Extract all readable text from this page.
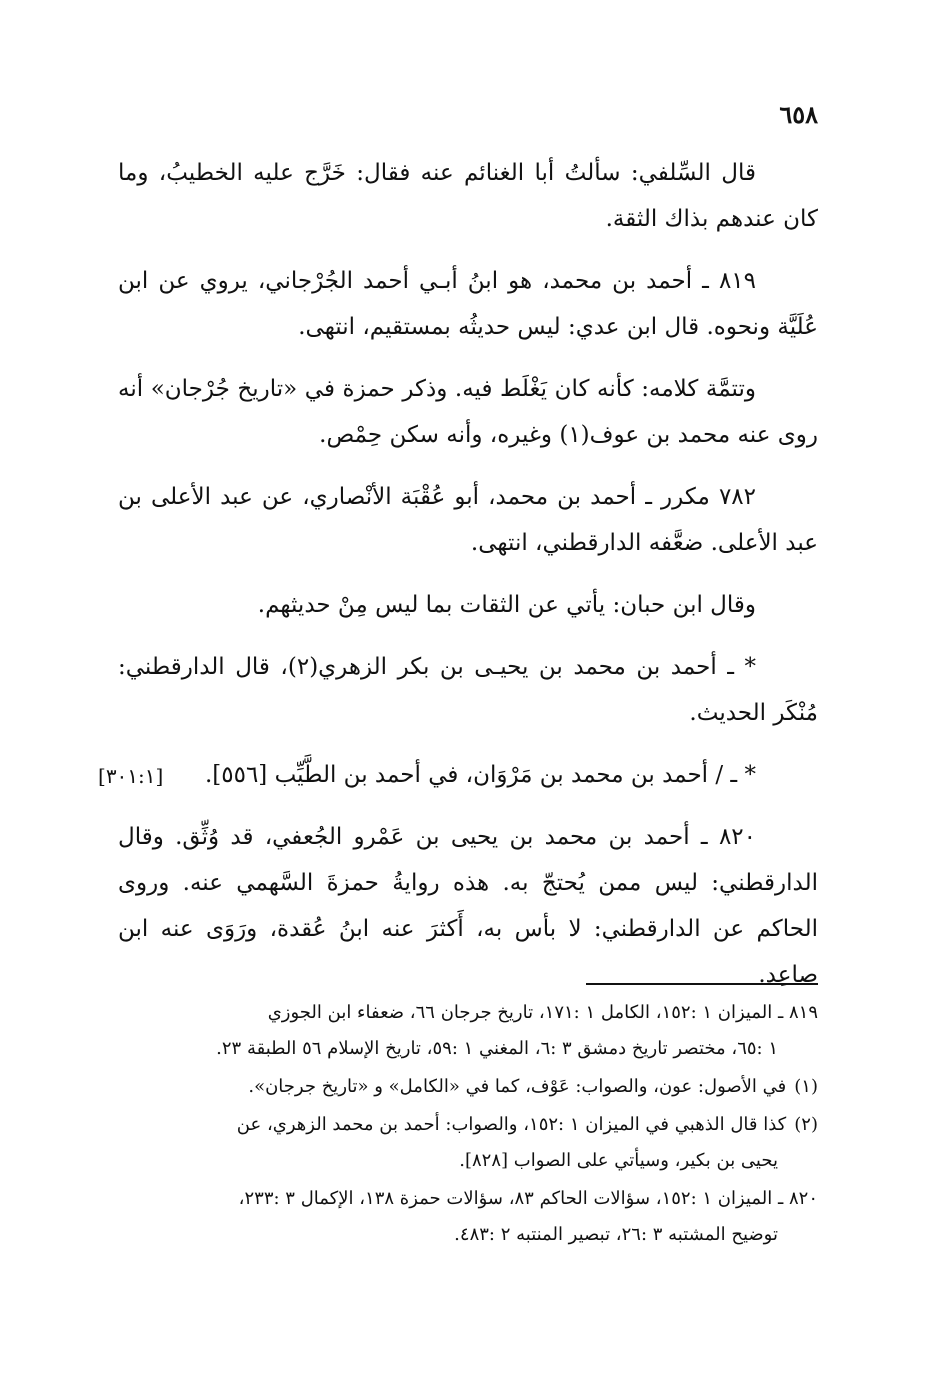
٦٥٨

قال السِّلفي: سألتُ أبا الغنائم عنه فقال: خَرَّج عليه الخطيبُ، وما كان عندهم بذاك الثقة.

٨١٩ ـ أحمد بن محمد، هو ابنُ أبـي أحمد الجُرْجاني، يروي عن ابن عُلَيَّة ونحوه. قال ابن عدي: ليس حديثُه بمستقيم، انتهى.

وتتمَّة كلامه: كأنه كان يَغْلَط فيه. وذكر حمزة في «تاريخ جُرْجان» أنه روى عنه محمد بن عوف(١) وغيره، وأنه سكن حِمْص.

٧٨٢ مكرر ـ أحمد بن محمد، أبو عُقْبَة الأنْصاري، عن عبد الأعلى بن عبد الأعلى. ضعَّفه الدارقطني، انتهى.

وقال ابن حبان: يأتي عن الثقات بما ليس مِنْ حديثهم.

* ـ أحمد بن محمد بن يحيـى بن بكر الزهري(٢)، قال الدارقطني: مُنْكَر الحديث.

* ـ / أحمد بن محمد بن مَرْوَان، في أحمد بن الطَّيِّب [٥٥٦].

٨٢٠ ـ أحمد بن محمد بن يحيى بن عَمْرو الجُعفي، قد وُثِّق. وقال الدارقطني: ليس ممن يُحتجّ به. هذه روايةُ حمزةَ السَّهمي عنه. وروى الحاكم عن الدارقطني: لا بأس به، أَكثرَ عنه ابنُ عُقدة، ورَوَى عنه ابن صاعِد.

[٣٠١:١]
٨١٩ ـ الميزان ١ :١٥٢، الكامل ١ :١٧١، تاريخ جرجان ٦٦، ضعفاء ابن الجوزي
١ :٦٥، مختصر تاريخ دمشق ٣ :٦، المغني ١ :٥٩، تاريخ الإسلام ٥٦ الطبقة ٢٣.
(١)في الأصول: عون، والصواب: عَوْف، كما في «الكامل» و «تاريخ جرجان».
(٢)كذا قال الذهبي في الميزان ١ :١٥٢، والصواب: أحمد بن محمد الزهري، عن
يحيى بن بكير، وسيأتي على الصواب [٨٢٨].
٨٢٠ ـ الميزان ١ :١٥٢، سؤالات الحاكم ٨٣، سؤالات حمزة ١٣٨، الإكمال ٣ :٢٣٣،
توضيح المشتبه ٣ :٢٦، تبصير المنتبه ٢ :٤٨٣.
